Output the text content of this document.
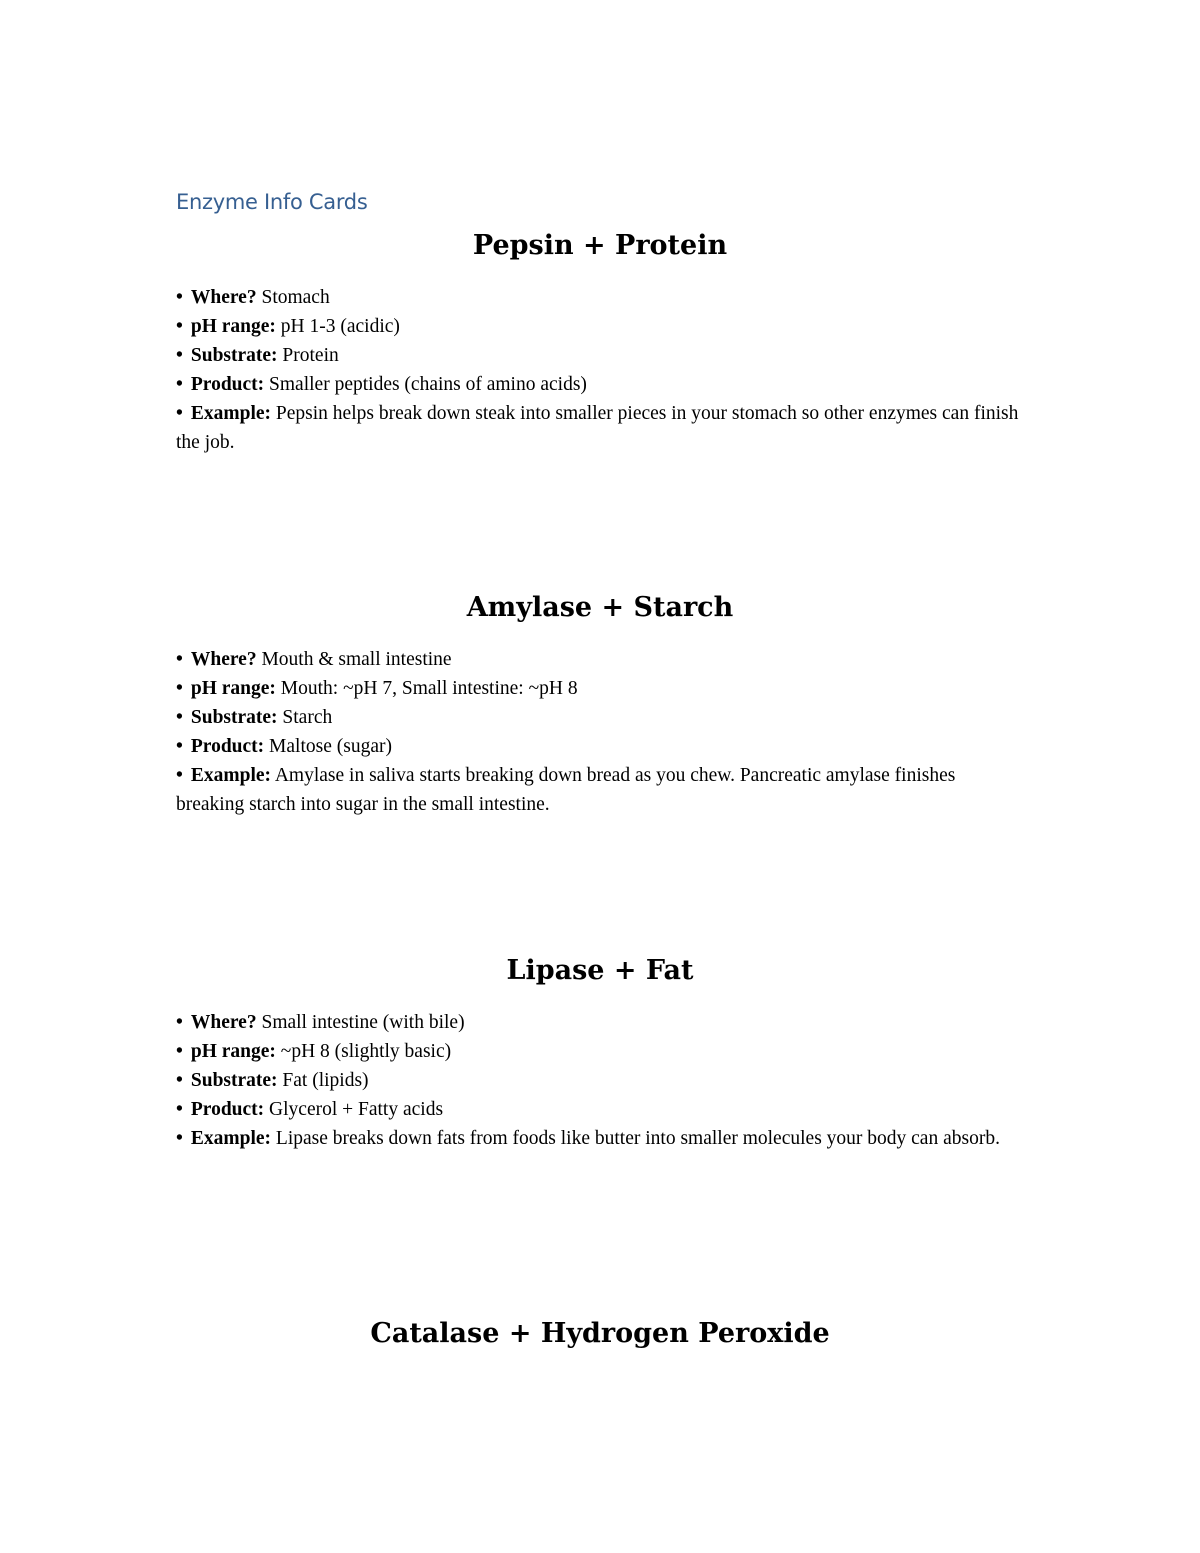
Enzyme Info Cards
Pepsin + Protein
• Where? Stomach
• pH range: pH 1-3 (acidic)
• Substrate: Protein
• Product: Smaller peptides (chains of amino acids)
• Example: Pepsin helps break down steak into smaller pieces in your stomach so other enzymes can finish the job.
Amylase + Starch
• Where? Mouth & small intestine
• pH range: Mouth: ~pH 7, Small intestine: ~pH 8
• Substrate: Starch
• Product: Maltose (sugar)
• Example: Amylase in saliva starts breaking down bread as you chew. Pancreatic amylase finishes breaking starch into sugar in the small intestine.
Lipase + Fat
• Where? Small intestine (with bile)
• pH range: ~pH 8 (slightly basic)
• Substrate: Fat (lipids)
• Product: Glycerol + Fatty acids
• Example: Lipase breaks down fats from foods like butter into smaller molecules your body can absorb.
Catalase + Hydrogen Peroxide
